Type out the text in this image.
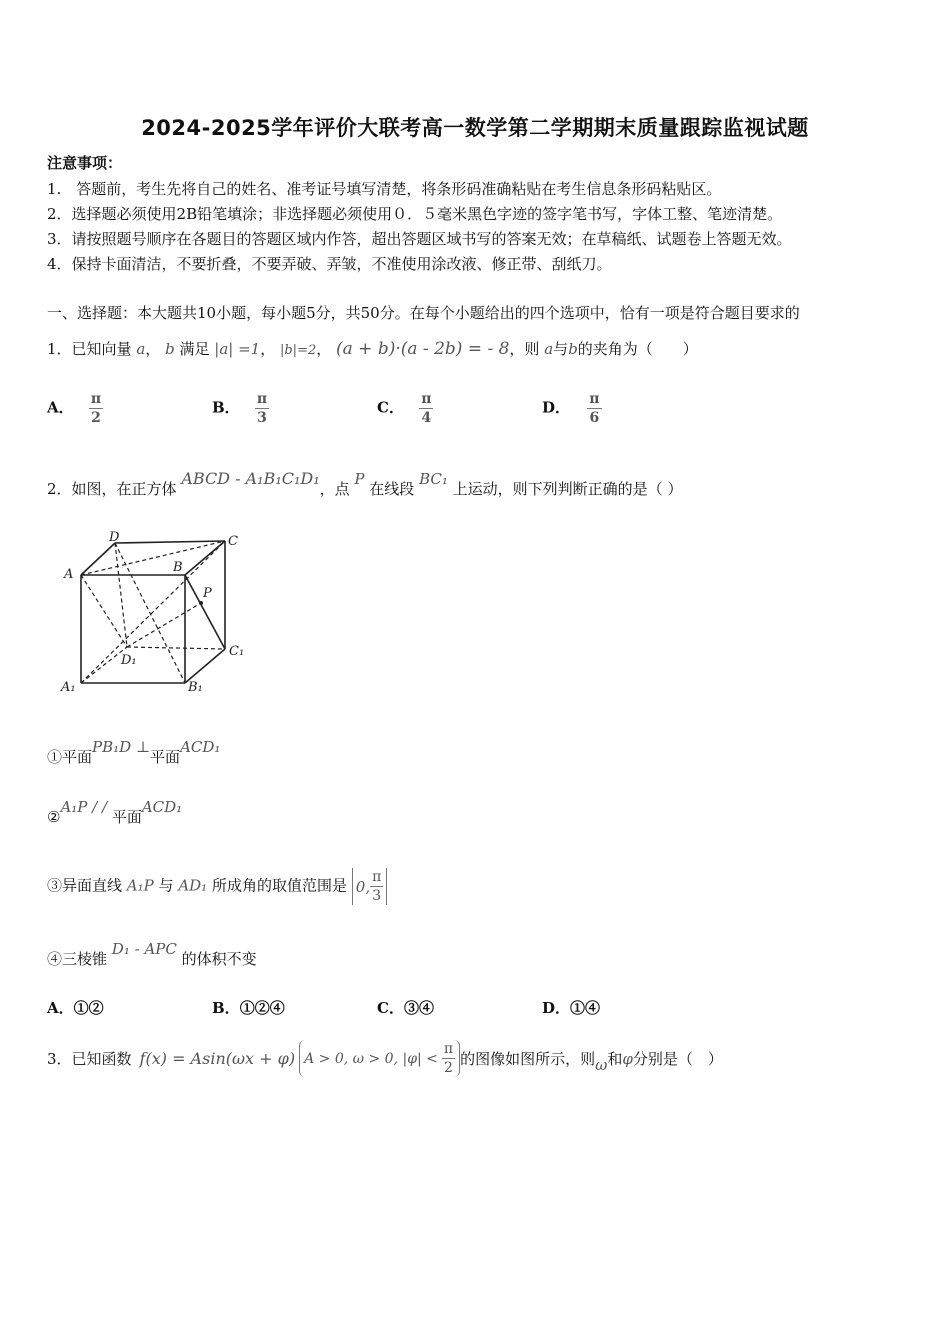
2024-2025学年评价大联考高一数学第二学期期末质量跟踪监视试题
注意事项：
1.　答题前，考生先将自己的姓名、准考证号填写清楚，将条形码准确粘贴在考生信息条形码粘贴区。
2．选择题必须使用2B铅笔填涂；非选择题必须使用０．５毫米黑色字迹的签字笔书写，字体工整、笔迹清楚。
3．请按照题号顺序在各题目的答题区域内作答，超出答题区域书写的答案无效；在草稿纸、试题卷上答题无效。
4．保持卡面清洁，不要折叠，不要弄破、弄皱，不准使用涂改液、修正带、刮纸刀。
一、选择题：本大题共10小题，每小题5分，共50分。在每个小题给出的四个选项中，恰有一项是符合题目要求的
1．已知向量 a， b 满足 |a| =1， |b|=2， (a + b)·(a - 2b) = - 8，则 a与b的夹角为（　　）
A． $\frac{\pi}{2}$	B． $\frac{\pi}{3}$	C． $\frac{\pi}{4}$	D． $\frac{\pi}{6}$
2．如图，在正方体 ABCD - A₁B₁C₁D₁，点 P 在线段 BC₁ 上运动，则下列判断正确的是（ ）
D	C
A	B
P
D₁
C₁
A₁	B₁
①平面PB₁D ⊥平面ACD₁
②A₁P / / 平面ACD₁
③异面直线 A₁P 与 AD₁ 所成角的取值范围是 0, $\frac{\pi}{3}$
④三棱锥 D₁ - APC 的体积不变
A．①②	B．①②④	C．③④	D．①④
3．已知函数 f(x) = Asin(ωx + φ) A > 0, ω > 0, $|\varphi| < \frac{\pi}{2}$ 的图像如图所示，则 ω 和 φ 分别是（　）
